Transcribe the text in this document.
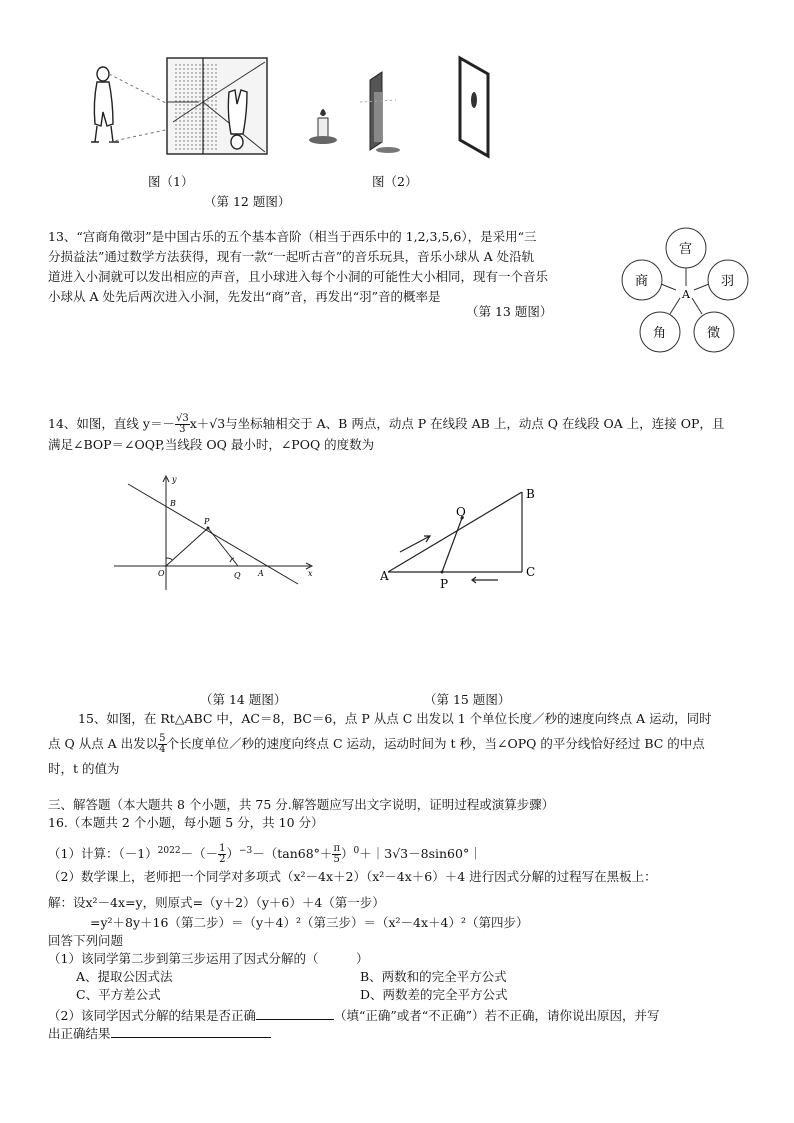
图（1）	图（2）
（第 12 题图）
13、“宫商角徵羽”是中国古乐的五个基本音阶（相当于西乐中的 1,2,3,5,6），是采用“三
分损益法”通过数学方法获得，现有一款“一起听古音”的音乐玩具，音乐小球从 A 处沿轨
道进入小洞就可以发出相应的声音，且小球进入每个小洞的可能性大小相同，现有一个音乐
小球从 A 处先后两次进入小洞，先发出“商”音，再发出“羽”音的概率是
（第 13 题图）
A
宫
羽
徵
角
商
14、如图，直线 $y=- \frac{√3}{3} x+√3$与坐标轴相交于 A、B 两点，动点 P 在线段 AB 上，动点 Q 在线段 OA 上，连接 OP，且
满足∠BOP＝∠OQP,当线段 OQ 最小时，∠POQ 的度数为
y
x
B
P
O	Q A
B
Q
A
P
C
（第 14 题图）	（第 15 题图）
15、如图，在 Rt△ABC 中，AC＝8，BC＝6，点 P 从点 C 出发以 1 个单位长度／秒的速度向终点 A 运动，同时
点 Q 从点 A 出发以 $\frac{5}{4}$ 个长度单位／秒的速度向终点 C 运动，运动时间为 t 秒，当∠OPQ 的平分线恰好经过 BC 的中点
时，t 的值为
三、解答题（本大题共 8 个小题，共 75 分.解答题应写出文字说明，证明过程或演算步骤）
16.（本题共 2 个小题，每小题 5 分，共 10 分）
（1）计算：$(-1)^{2022}-(- \frac{1}{2} )^{-3}-(\tan 68^\circ+ \frac{\pi}{5}$ ）$^0+|3√3-8\sin 60^\circ|$
（2）数学课上，老师把一个同学对多项式（x²－4x＋2）（x²－4x＋6）＋4 进行因式分解的过程写在黑板上：
解：设x²－4x=y，则原式=（y＋2）（y＋6）＋4（第一步）
=y²＋8y＋16（第二步）＝（y＋4）²（第三步）＝（x²－4x＋4）²（第四步）
回答下列问题
（1）该同学第二步到第三步运用了因式分解的（　　　）
A、提取公因式法	B、两数和的完全平方公式
C、平方差公式	D、两数差的完全平方公式
（2）该同学因式分解的结果是否正确	（填“正确”或者“不正确”）若不正确，请你说出原因，并写
出正确结果
